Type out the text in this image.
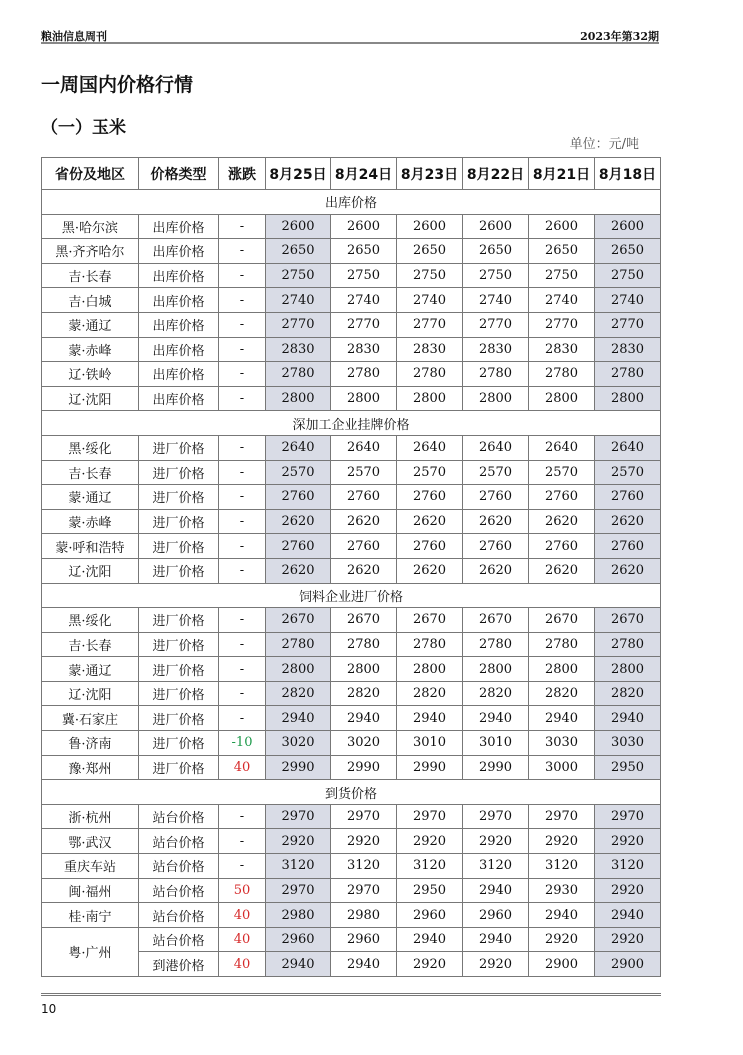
粮油信息周刊	2023年第32期
一周国内价格行情
（一）玉米
单位：元/吨
省份及地区	价格类型	涨跌	8月25日	8月24日	8月23日	8月22日	8月21日	8月18日
出库价格								
黑·哈尔滨	出库价格	-	2600	2600	2600	2600	2600	2600
黑·齐齐哈尔	出库价格	-	2650	2650	2650	2650	2650	2650
吉·长春	出库价格	-	2750	2750	2750	2750	2750	2750
吉·白城	出库价格	-	2740	2740	2740	2740	2740	2740
蒙·通辽	出库价格	-	2770	2770	2770	2770	2770	2770
蒙·赤峰	出库价格	-	2830	2830	2830	2830	2830	2830
辽·铁岭	出库价格	-	2780	2780	2780	2780	2780	2780
辽·沈阳	出库价格	-	2800	2800	2800	2800	2800	2800
深加工企业挂牌价格								
黑·绥化	进厂价格	-	2640	2640	2640	2640	2640	2640
吉·长春	进厂价格	-	2570	2570	2570	2570	2570	2570
蒙·通辽	进厂价格	-	2760	2760	2760	2760	2760	2760
蒙·赤峰	进厂价格	-	2620	2620	2620	2620	2620	2620
蒙·呼和浩特	进厂价格	-	2760	2760	2760	2760	2760	2760
辽·沈阳	进厂价格	-	2620	2620	2620	2620	2620	2620
饲料企业进厂价格								
黑·绥化	进厂价格	-	2670	2670	2670	2670	2670	2670
吉·长春	进厂价格	-	2780	2780	2780	2780	2780	2780
蒙·通辽	进厂价格	-	2800	2800	2800	2800	2800	2800
辽·沈阳	进厂价格	-	2820	2820	2820	2820	2820	2820
冀·石家庄	进厂价格	-	2940	2940	2940	2940	2940	2940
鲁·济南	进厂价格	-10	3020	3020	3010	3010	3030	3030
豫·郑州	进厂价格	40	2990	2990	2990	2990	3000	2950
到货价格								
浙·杭州	站台价格	-	2970	2970	2970	2970	2970	2970
鄂·武汉	站台价格	-	2920	2920	2920	2920	2920	2920
重庆车站	站台价格	-	3120	3120	3120	3120	3120	3120
闽·福州	站台价格	50	2970	2970	2950	2940	2930	2920
桂·南宁	站台价格	40	2980	2980	2960	2960	2940	2940
粤·广州	站台价格	40	2960	2960	2940	2940	2920	2920
	到港价格	40	2940	2940	2920	2920	2900	2900
10
